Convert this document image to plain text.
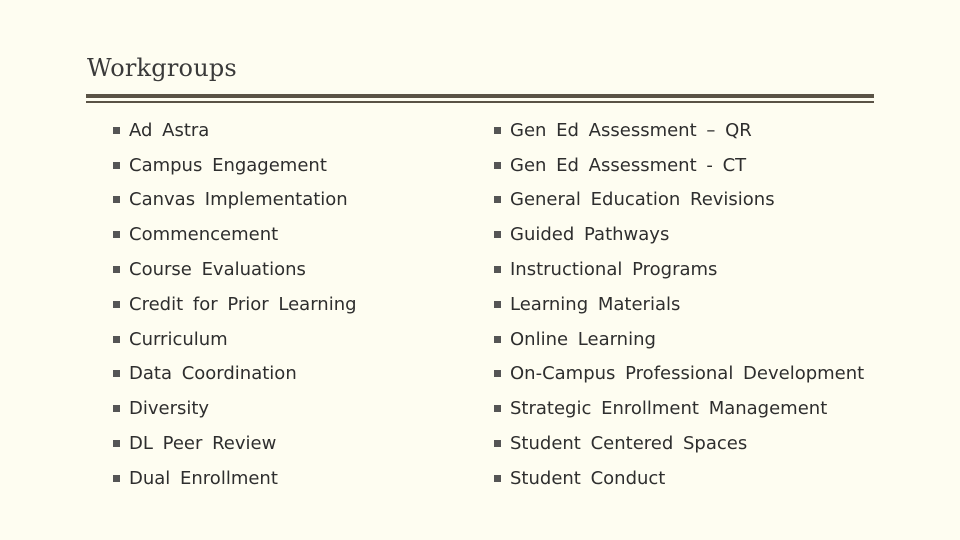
Workgroups
Ad Astra
Campus Engagement
Canvas Implementation
Commencement
Course Evaluations
Credit for Prior Learning
Curriculum
Data Coordination
Diversity
DL Peer Review
Dual Enrollment
Gen Ed Assessment – QR
Gen Ed Assessment - CT
General Education Revisions
Guided Pathways
Instructional Programs
Learning Materials
Online Learning
On-Campus Professional Development
Strategic Enrollment Management
Student Centered Spaces
Student Conduct
